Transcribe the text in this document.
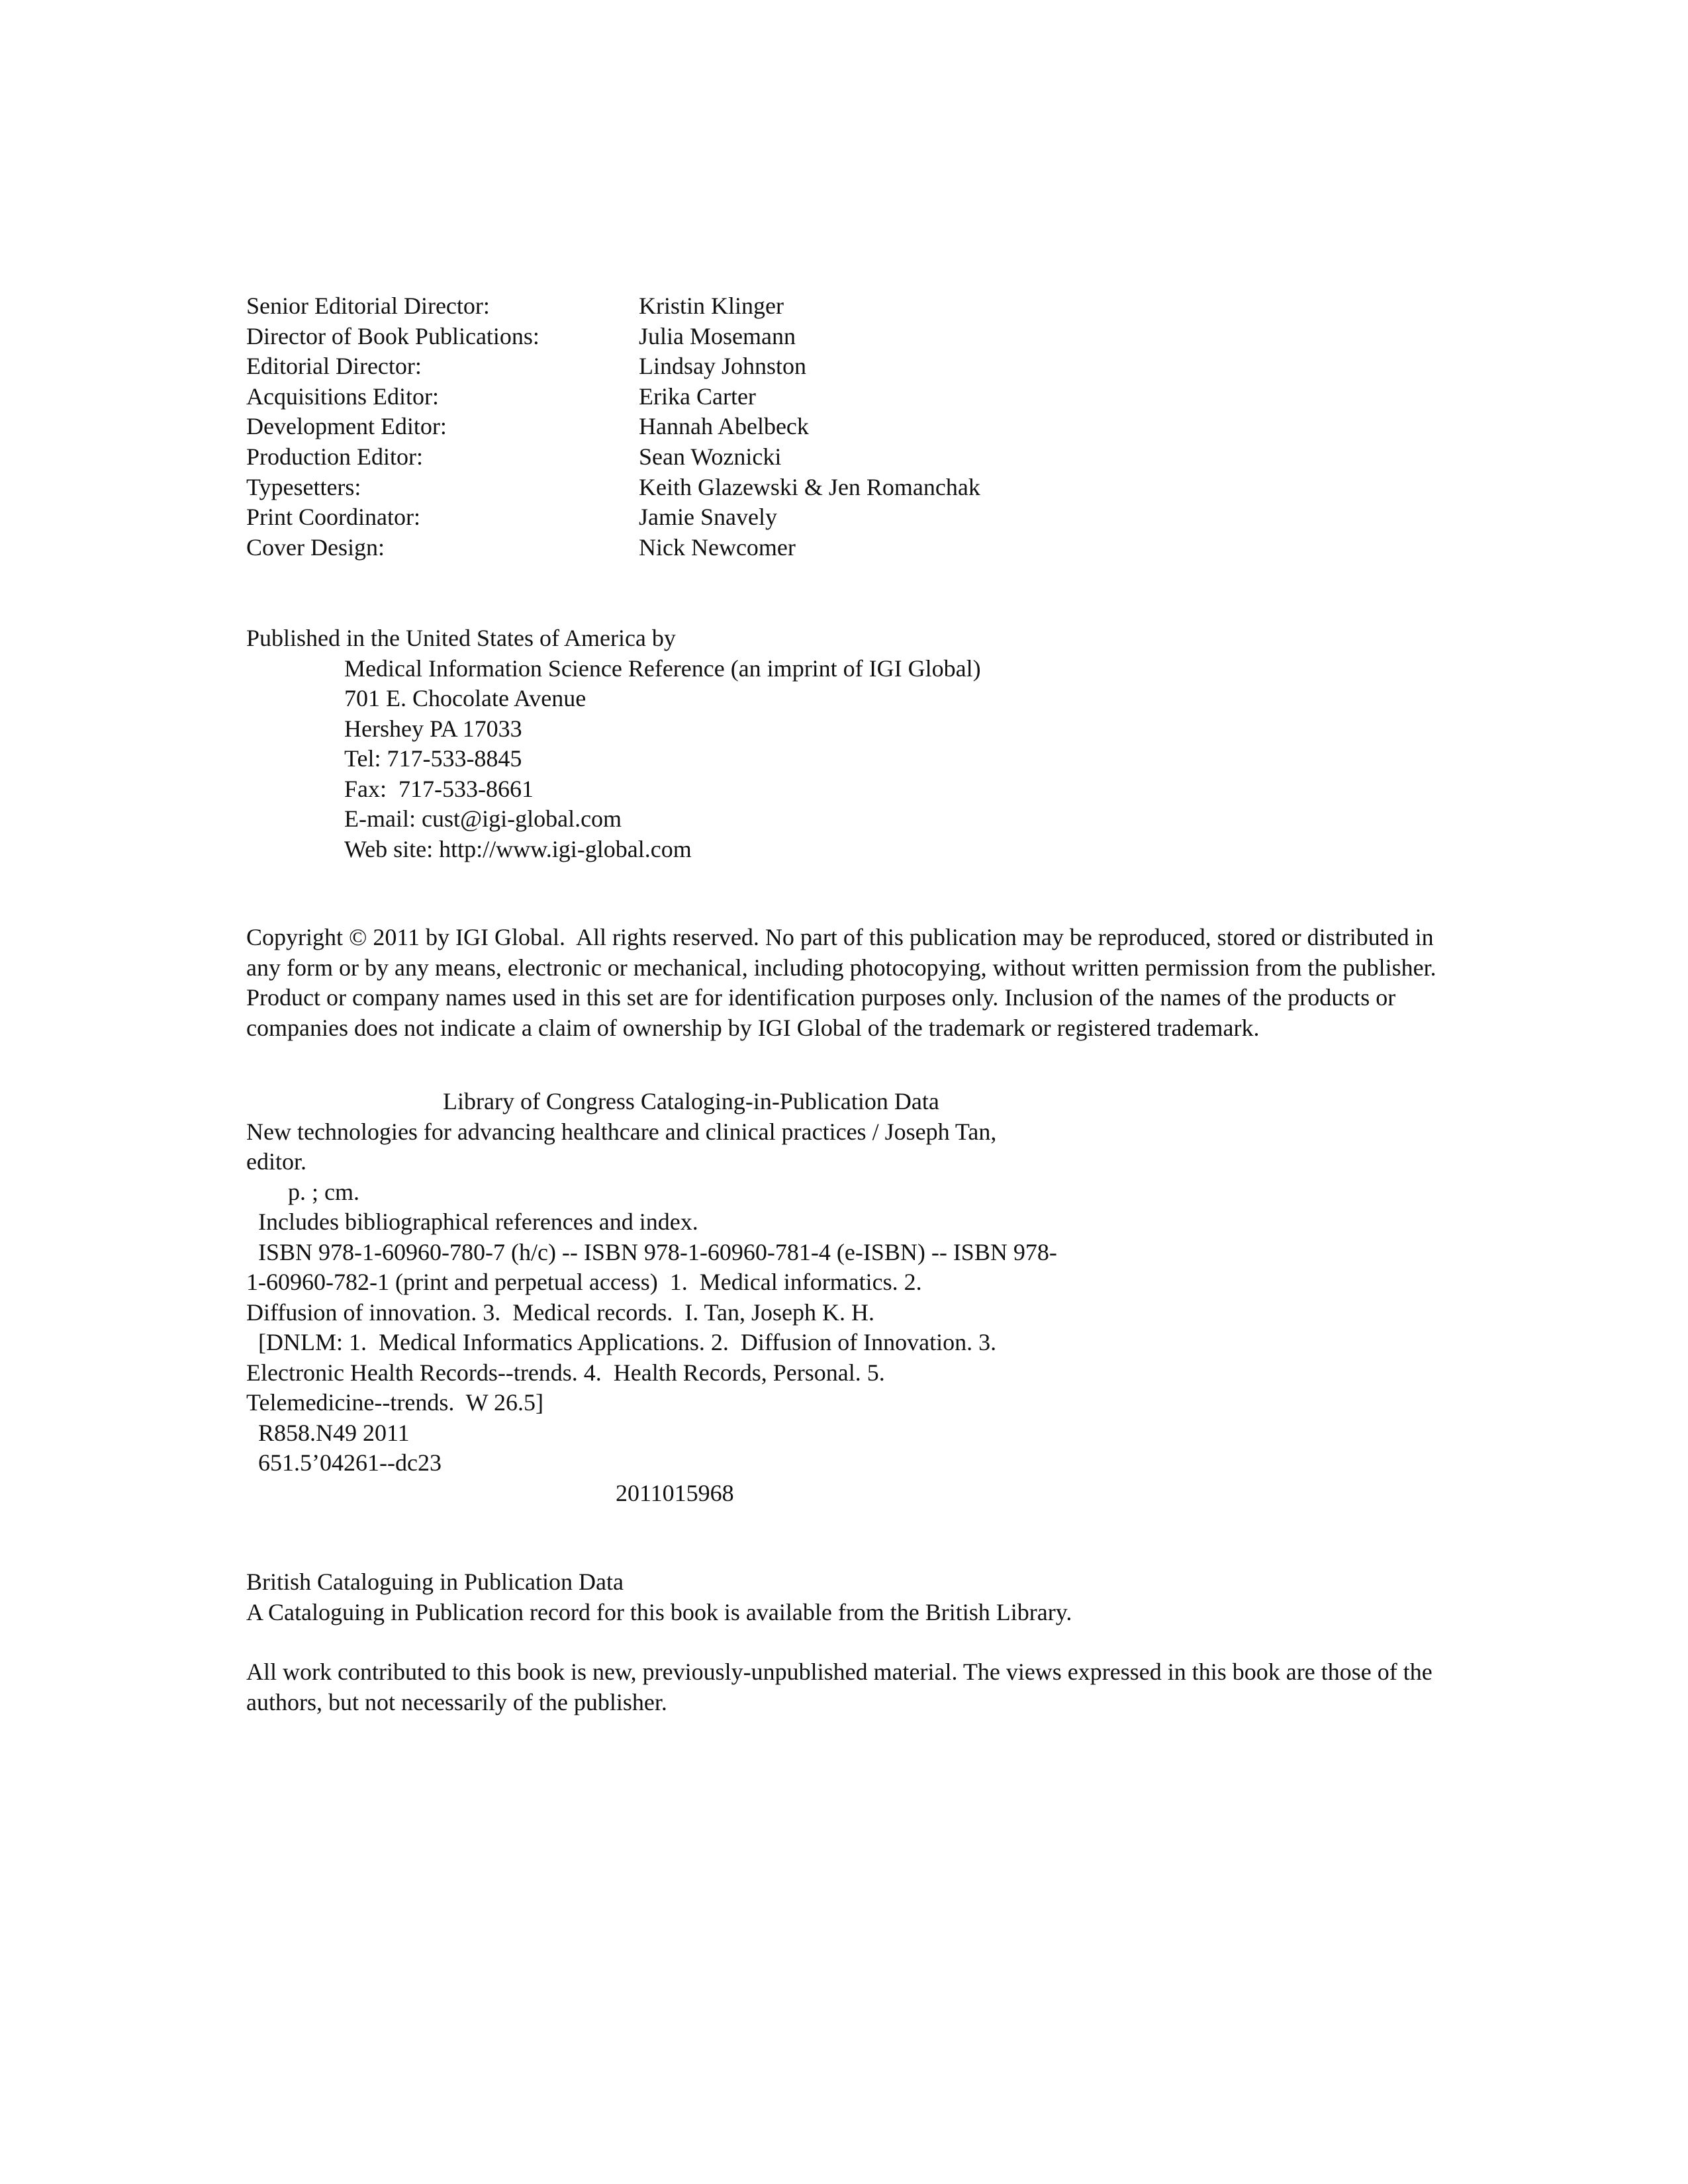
Senior Editorial Director:

	Kristin Klinger

Director of Book Publications:

	Julia Mosemann

Editorial Director:

	Lindsay Johnston

Acquisitions Editor:

	Erika Carter

Development Editor:

	Hannah Abelbeck

Production Editor:

	Sean Woznicki

Typesetters:

	Keith Glazewski & Jen Romanchak

Print Coordinator:

	Jamie Snavely

Cover Design:

	Nick Newcomer

Published in the United States of America by
Medical Information Science Reference (an imprint of IGI Global)
701 E. Chocolate Avenue
Hershey PA 17033
Tel: 717-533-8845
Fax:  717-533-8661
E-mail: cust@igi-global.com
Web site: http://www.igi-global.com
Copyright © 2011 by IGI Global.  All rights reserved. No part of this publication may be reproduced, stored or distributed in
any form or by any means, electronic or mechanical, including photocopying, without written permission from the publisher.
Product or company names used in this set are for identification purposes only. Inclusion of the names of the products or
companies does not indicate a claim of ownership by IGI Global of the trademark or registered trademark.
Library of Congress Cataloging-in-Publication Data
New technologies for advancing healthcare and clinical practices / Joseph Tan,
editor.
p. ; cm.
Includes bibliographical references and index.
ISBN 978-1-60960-780-7 (h/c) -- ISBN 978-1-60960-781-4 (e-ISBN) -- ISBN 978-
1-60960-782-1 (print and perpetual access)  1.  Medical informatics. 2.
Diffusion of innovation. 3.  Medical records.  I. Tan, Joseph K. H.
[DNLM: 1.  Medical Informatics Applications. 2.  Diffusion of Innovation. 3.
Electronic Health Records--trends. 4.  Health Records, Personal. 5.
Telemedicine--trends.  W 26.5]
R858.N49 2011
651.5’04261--dc23
2011015968
British Cataloguing in Publication Data
A Cataloguing in Publication record for this book is available from the British Library.
All work contributed to this book is new, previously-unpublished material. The views expressed in this book are those of the
authors, but not necessarily of the publisher.
